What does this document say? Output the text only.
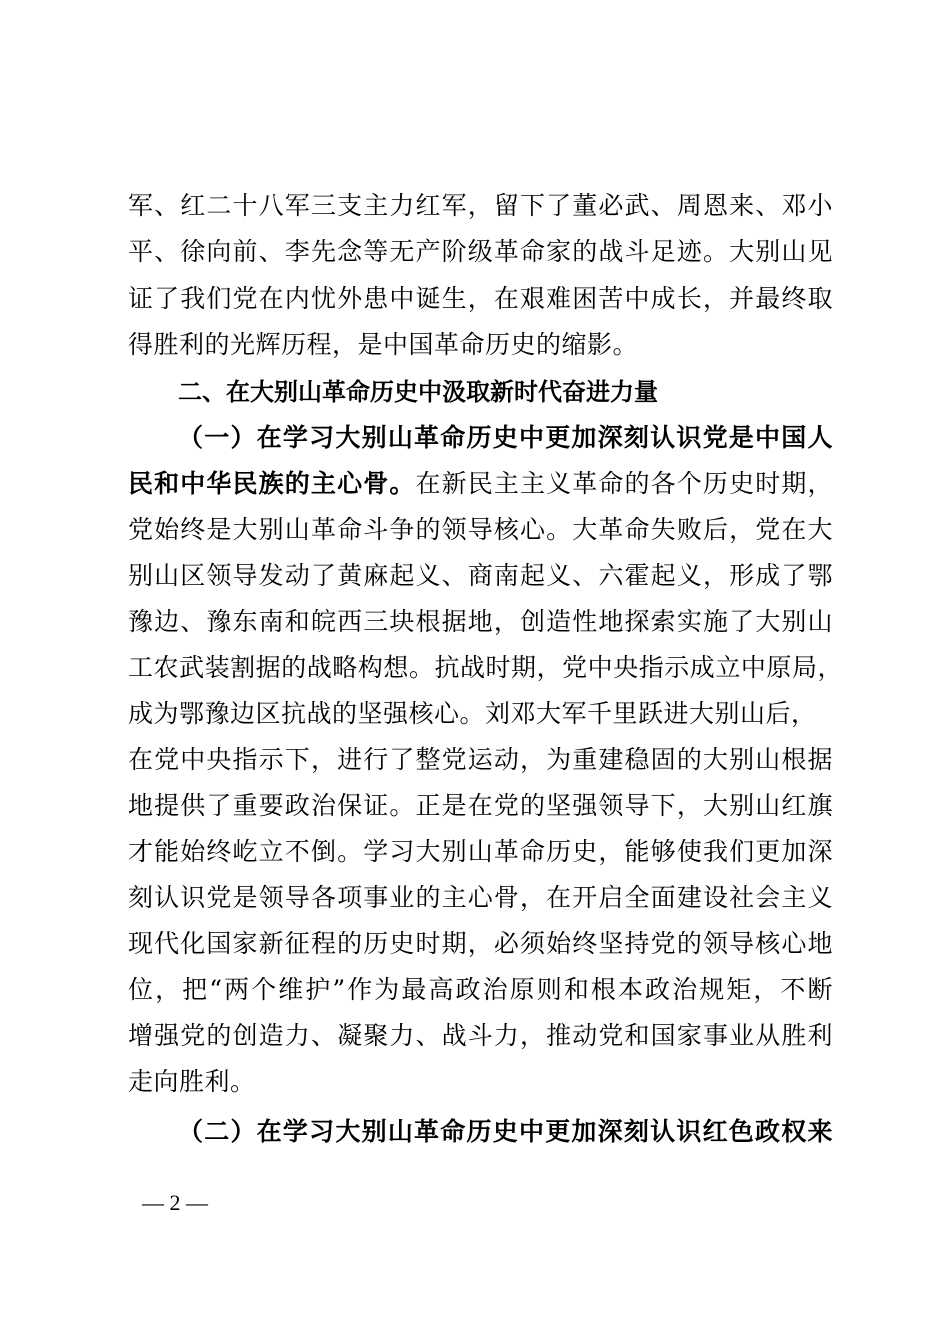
军、红二十八军三支主力红军，留下了董必武、周恩来、邓小

平、徐向前、李先念等无产阶级革命家的战斗足迹。大别山见

证了我们党在内忧外患中诞生，在艰难困苦中成长，并最终取

得胜利的光辉历程，是中国革命历史的缩影。

二、在大别山革命历史中汲取新时代奋进力量

（一）在学习大别山革命历史中更加深刻认识党是中国人

民和中华民族的主心骨。在新民主主义革命的各个历史时期，

党始终是大别山革命斗争的领导核心。大革命失败后，党在大

别山区领导发动了黄麻起义、商南起义、六霍起义，形成了鄂

豫边、豫东南和皖西三块根据地，创造性地探索实施了大别山

工农武装割据的战略构想。抗战时期，党中央指示成立中原局，

成为鄂豫边区抗战的坚强核心。刘邓大军千里跃进大别山后，

在党中央指示下，进行了整党运动，为重建稳固的大别山根据

地提供了重要政治保证。正是在党的坚强领导下，大别山红旗

才能始终屹立不倒。学习大别山革命历史，能够使我们更加深

刻认识党是领导各项事业的主心骨，在开启全面建设社会主义

现代化国家新征程的历史时期，必须始终坚持党的领导核心地

位，把“两个维护”作为最高政治原则和根本政治规矩，不断

增强党的创造力、凝聚力、战斗力，推动党和国家事业从胜利

走向胜利。

（二）在学习大别山革命历史中更加深刻认识红色政权来

— 2 —
